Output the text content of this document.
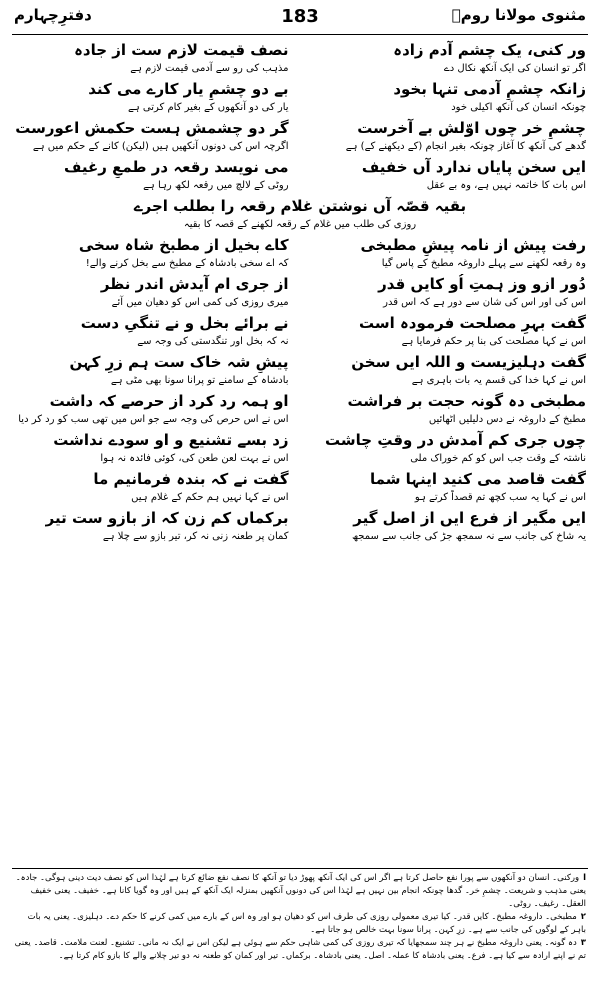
مثنوی مولانا رومؒ
183
دفترِچہارم
ور کنی، یک چشم آدم زادہ
نصف قیمت لازم ست از جادہ
اگر تو انسان کی ایک آنکھ نکال دے
مذہب کی رو سے آدمی قیمت لازم ہے
زانکہ چشمِ آدمی تنہا بخود
بے دو چشمِ یار کارے می کند
چونکہ انسان کی آنکھ اکیلی خود
یار کی دو آنکھوں کے بغیر کام کرتی ہے
چشمِ خر چوں اوّلش بے آخرست
گر دو چشمش ہست حکمش اعورست
گدھے کی آنکھ کا آغاز چونکہ بغیر انجام (کے دیکھنے کے) ہے
اگرچہ اس کی دونوں آنکھیں ہیں (لیکن) کانے کے حکم میں ہے
ایں سخن پایاں ندارد آں خفیف
می نویسد رقعہ در طمعِ رغیف
اس بات کا خاتمہ نہیں ہے، وہ بے عقل
روٹی کے لالچ میں رقعہ لکھ رہا ہے
بقیہ قصّہ آں نوشتن غلام رقعہ را بطلب اجرے
روزی کی طلب میں غلام کے رقعہ لکھنے کے قصہ کا بقیہ
رفت پیش از نامہ پیشِ مطبخی
کاے بخیل از مطبخ شاہ سخی
وہ رقعہ لکھنے سے پہلے داروغہ مطبخ کے پاس گیا
کہ اے سخی بادشاہ کے مطبخ سے بخل کرنے والے!
دُور ازو وز ہمتِ اُو کایں قدر
از جری ام آیدش اندر نظر
اس کی اور اس کی شان سے دور ہے کہ اس قدر
میری روزی کی کمی اس کو دھیان میں آئے
گفت بہرِ مصلحت فرمودہ است
نے برائے بخل و نے تنگیِ دست
اس نے کہا مصلحت کی بنا پر حکم فرمایا ہے
نہ کہ بخل اور تنگدستی کی وجہ سے
گفت دہلیزیست و اللہ ایں سخن
پیشِ شہ خاک ست ہم زرِ کہن
اس نے کہا خدا کی قسم یہ بات باہری ہے
بادشاہ کے سامنے تو پرانا سونا بھی مٹی ہے
مطبخی دہ گونہ حجت بر فراشت
او ہمہ رد کرد از حرصے کہ داشت
مطبخ کے داروغہ نے دس دلیلیں اٹھائیں
اس نے اس حرص کی وجہ سے جو اس میں تھی سب کو رد کر دیا
چوں جری کم آمدش در وقتِ چاشت
زد بسے تشنیع و او سودے نداشت
ناشتہ کے وقت جب اس کو کم خوراک ملی
اس نے بہت لعن طعن کی، کوئی فائدہ نہ ہوا
گفت قاصد می کنید اینہا شما
گفت نے کہ بندہ فرمانیم ما
اس نے کہا یہ سب کچھ تم قصداً کرتے ہو
اس نے کہا نہیں ہم حکم کے غلام ہیں
ایں مگیر از فرع ایں از اصل گیر
برکماں کم زن کہ از بازو ست تیر
یہ شاخ کی جانب سے نہ سمجھ جڑ کی جانب سے سمجھ
کمان پر طعنہ زنی نہ کر، تیر بازو سے چلا ہے
اورکنی۔ انسان دو آنکھوں سے پورا نفع حاصل کرتا ہے اگر اس کی ایک آنکھ پھوڑ دیا تو آنکھ کا نصف نفع ضائع کرتا ہے لہٰذا اس کو نصف دیت دینی ہوگی۔ جادہ۔ یعنی مذہب و شریعت۔ چشمِ خر۔ گدھا چونکہ انجام بین نہیں ہے لہٰذا اس کی دونوں آنکھیں بمنزلہ ایک آنکھ کے ہیں اور وہ گویا کانا ہے۔ خفیف۔ یعنی خفیف العقل۔ رغیف۔ روٹی۔
۲مطبخی۔ داروغہ مطبخ۔ کایں قدر۔ کیا تیری معمولی روزی کی طرف اس کو دھیان ہو اور وہ اس کے بارے میں کمی کرنے کا حکم دے۔ دہلیزی۔ یعنی یہ بات باہر کے لوگوں کی جانب سے ہے۔ زرِ کہن۔ پرانا سونا بہت خالص ہو جاتا ہے۔
۳دہ گونہ۔ یعنی داروغہ مطبخ نے ہر چند سمجھایا کہ تیری روزی کی کمی شاہی حکم سے ہوئی ہے لیکن اس نے ایک نہ مانی۔ تشنیع۔ لعنت ملامت۔ قاصد۔ یعنی تم نے اپنے ارادہ سے کیا ہے۔ فرع۔ یعنی بادشاہ کا عملہ۔ اصل۔ یعنی بادشاہ۔ برکماں۔ تیر اور کمان کو طعنہ نہ دو تیر چلانے والے کا بازو کام کرتا ہے۔
